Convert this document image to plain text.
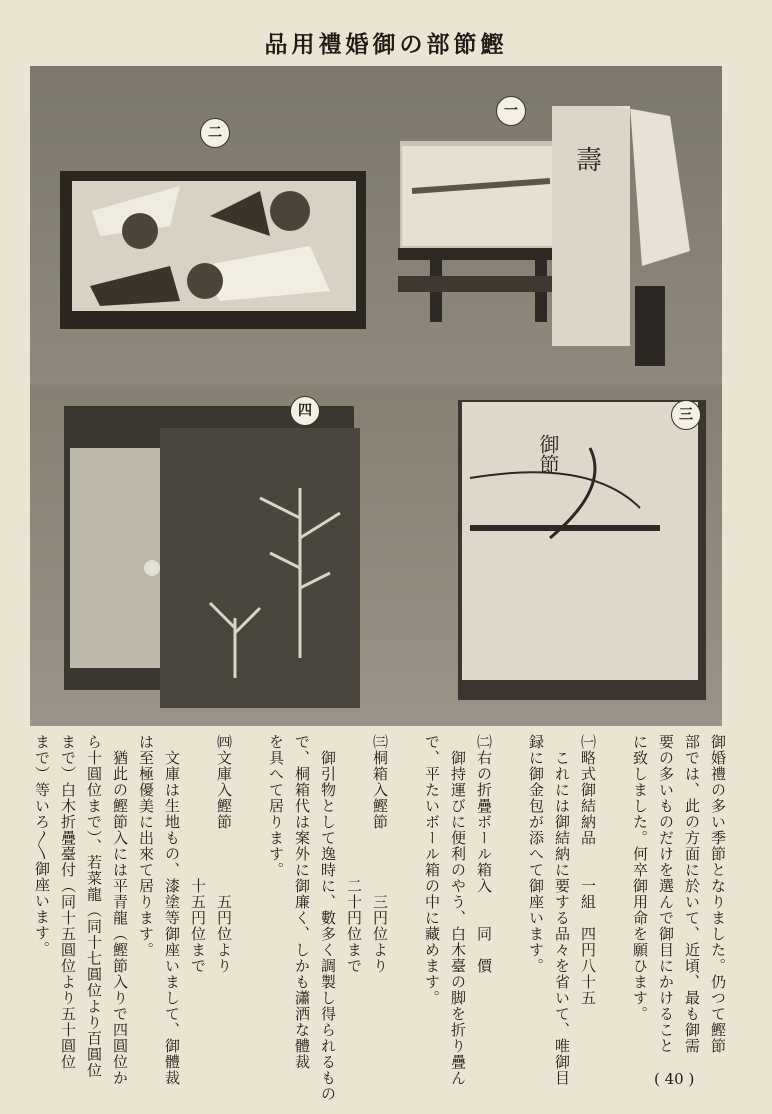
品用禮婚御の部節鰹
二
一
壽
四	三
御節
御婚禮の多い季節となりました。仍つて鰹節
部では、此の方面に於いて、近頃、最も御需
要の多いものだけを選んで御目にかけること
に致しました。何卒御用命を願ひます。
㈠略式御結納品　　一組　四円八十五
　これには御結納に要する品々を省いて、唯御目
録に御金包が添へて御座います。
㈡右の折疊ボール箱入　　同　價
　御持運びに便利のやう、白木臺の脚を折り疊ん
で、平たいボール箱の中に藏めます。
㈢桐箱入鰹節　　　　三円位より
　　　　　　　　　二十円位まで
　御引物として逸時に、數多く調製し得られるもの
で、桐箱代は案外に御廉く、しかも瀟洒な體裁
を具へて居ります。
㈣文庫入鰹節　　　　五円位より
　　　　　　　　　十五円位まで
　文庫は生地もの、漆塗等御座いまして、御體裁
は至極優美に出來て居ります。
　猶此の鰹節入には平青龍（鰹節入りで四圓位か
ら十圓位まで）、若菜龍（同十七圓位より百圓位
まで）白木折疊臺付（同十五圓位より五十圓位
まで）等いろ〳〵御座います。
( 40 )
